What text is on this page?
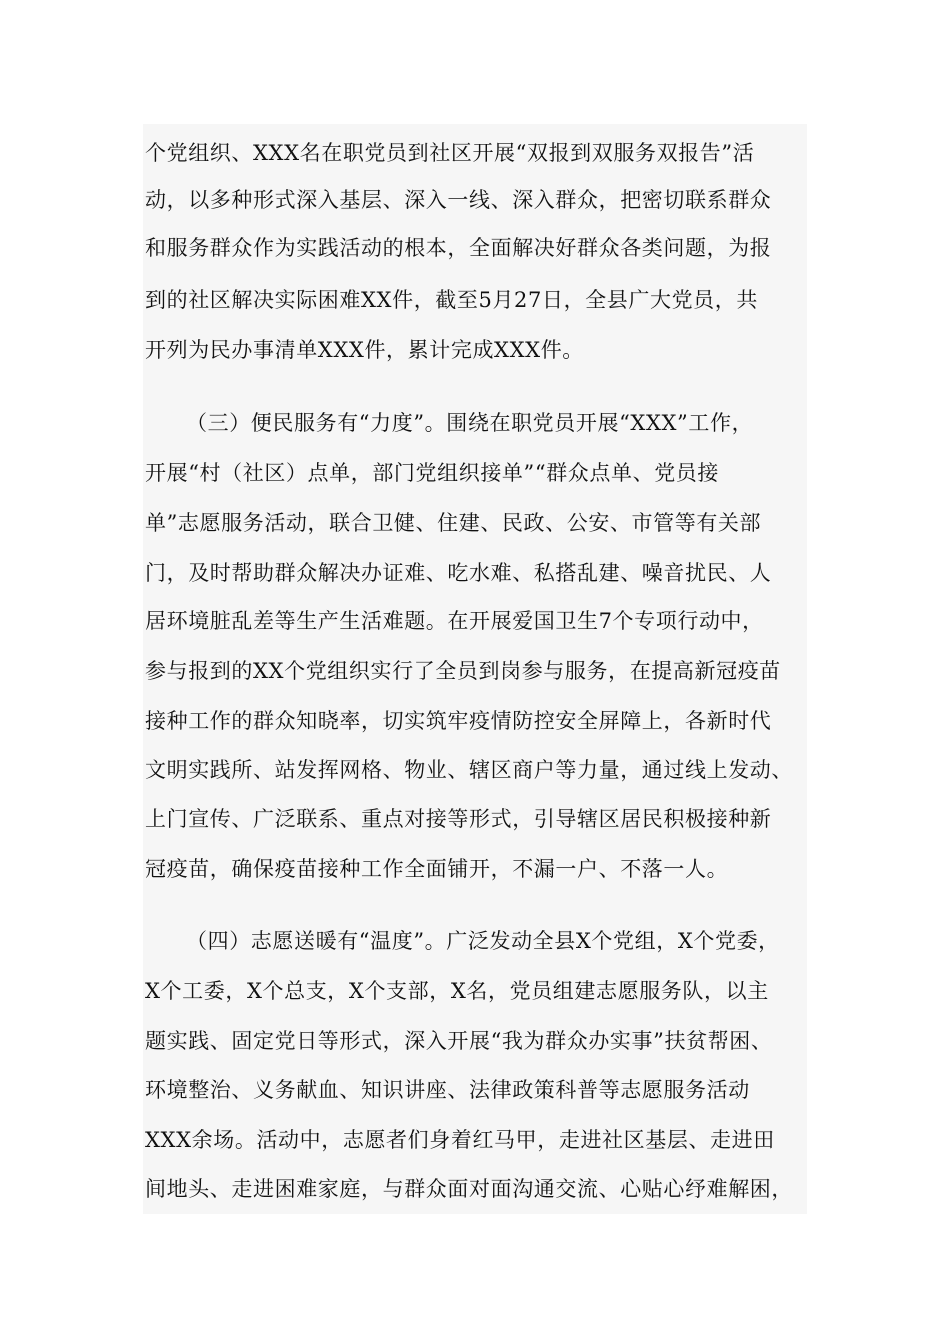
个党组织、XXX名在职党员到社区开展“双报到双服务双报告”活
动，以多种形式深入基层、深入一线、深入群众，把密切联系群众
和服务群众作为实践活动的根本，全面解决好群众各类问题，为报
到的社区解决实际困难XX件，截至5月27日，全县广大党员，共
开列为民办事清单XXX件，累计完成XXX件。
（三）便民服务有“力度”。围绕在职党员开展“XXX”工作，
开展“村（社区）点单，部门党组织接单”“群众点单、党员接
单”志愿服务活动，联合卫健、住建、民政、公安、市管等有关部
门，及时帮助群众解决办证难、吃水难、私搭乱建、噪音扰民、人
居环境脏乱差等生产生活难题。在开展爱国卫生7个专项行动中，
参与报到的XX个党组织实行了全员到岗参与服务，在提高新冠疫苗
接种工作的群众知晓率，切实筑牢疫情防控安全屏障上，各新时代
文明实践所、站发挥网格、物业、辖区商户等力量，通过线上发动、
上门宣传、广泛联系、重点对接等形式，引导辖区居民积极接种新
冠疫苗，确保疫苗接种工作全面铺开，不漏一户、不落一人。
（四）志愿送暖有“温度”。广泛发动全县X个党组，X个党委，
X个工委，X个总支，X个支部，X名，党员组建志愿服务队，以主
题实践、固定党日等形式，深入开展“我为群众办实事”扶贫帮困、
环境整治、义务献血、知识讲座、法律政策科普等志愿服务活动
XXX余场。活动中，志愿者们身着红马甲，走进社区基层、走进田
间地头、走进困难家庭，与群众面对面沟通交流、心贴心纾难解困，
